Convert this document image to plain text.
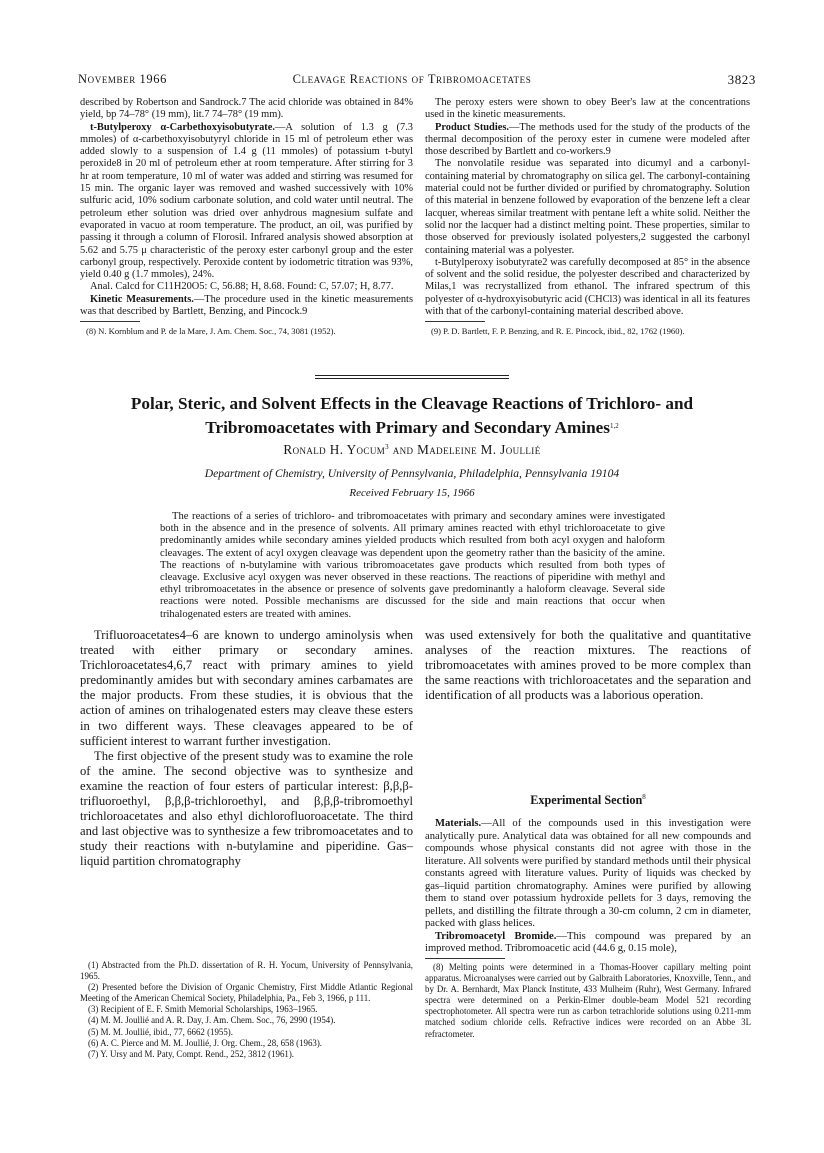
November 1966	Cleavage Reactions of Tribromoacetates	3823

described by Robertson and Sandrock.7 The acid chloride was obtained in 84% yield, bp 74–78° (19 mm), lit.7 74–78° (19 mm).

t-Butylperoxy α-Carbethoxyisobutyrate.—A solution of 1.3 g (7.3 mmoles) of α-carbethoxyisobutyryl chloride in 15 ml of petroleum ether was added slowly to a suspension of 1.4 g (11 mmoles) of potassium t-butyl peroxide8 in 20 ml of petroleum ether at room temperature. After stirring for 3 hr at room temperature, 10 ml of water was added and stirring was resumed for 15 min. The organic layer was removed and washed successively with 10% sulfuric acid, 10% sodium carbonate solution, and cold water until neutral. The petroleum ether solution was dried over anhydrous magnesium sulfate and evaporated in vacuo at room temperature. The product, an oil, was purified by passing it through a column of Florosil. Infrared analysis showed absorption at 5.62 and 5.75 μ characteristic of the peroxy ester carbonyl group and the ester carbonyl group, respectively. Peroxide content by iodometric titration was 93%, yield 0.40 g (1.7 mmoles), 24%.

Anal. Calcd for C11H20O5: C, 56.88; H, 8.68. Found: C, 57.07; H, 8.77.

Kinetic Measurements.—The procedure used in the kinetic measurements was that described by Bartlett, Benzing, and Pincock.9

(8) N. Kornblum and P. de la Mare, J. Am. Chem. Soc., 74, 3081 (1952).

The peroxy esters were shown to obey Beer's law at the concentrations used in the kinetic measurements.

Product Studies.—The methods used for the study of the products of the thermal decomposition of the peroxy ester in cumene were modeled after those described by Bartlett and co-workers.9

The nonvolatile residue was separated into dicumyl and a carbonyl-containing material by chromatography on silica gel. The carbonyl-containing material could not be further divided or purified by chromatography. Solution of this material in benzene followed by evaporation of the benzene left a clear lacquer, whereas similar treatment with pentane left a white solid. Neither the solid nor the lacquer had a distinct melting point. These properties, similar to those observed for previously isolated polyesters,2 suggested the carbonyl containing material was a polyester.

t-Butylperoxy isobutyrate2 was carefully decomposed at 85° in the absence of solvent and the solid residue, the polyester described and characterized by Milas,1 was recrystallized from ethanol. The infrared spectrum of this polyester of α-hydroxyisobutyric acid (CHCl3) was identical in all its features with that of the carbonyl-containing material described above.

(9) P. D. Bartlett, F. P. Benzing, and R. E. Pincock, ibid., 82, 1762 (1960).

Polar, Steric, and Solvent Effects in the Cleavage Reactions of Trichloro- and
Tribromoacetates with Primary and Secondary Amines$^{1,2}$
Ronald H. Yocum$^3$ and Madeleine M. Joullié
Department of Chemistry, University of Pennsylvania, Philadelphia, Pennsylvania 19104
Received February 15, 1966

The reactions of a series of trichloro- and tribromoacetates with primary and secondary amines were investigated both in the absence and in the presence of solvents. All primary amines reacted with ethyl trichloroacetate to give predominantly amides while secondary amines yielded products which resulted from both acyl oxygen and haloform cleavages. The extent of acyl oxygen cleavage was dependent upon the geometry rather than the basicity of the amine. The reactions of n-butylamine with various tribromoacetates gave products which resulted from both types of cleavage. Exclusive acyl oxygen was never observed in these reactions. The reactions of piperidine with methyl and ethyl tribromoacetates in the absence or presence of solvents gave predominantly a haloform cleavage. Several side reactions were noted. Possible mechanisms are discussed for the side and main reactions that occur when trihalogenated esters are treated with amines.

Trifluoroacetates4–6 are known to undergo aminolysis when treated with either primary or secondary amines. Trichloroacetates4,6,7 react with primary amines to yield predominantly amides but with secondary amines carbamates are the major products. From these studies, it is obvious that the action of amines on trihalogenated esters may cleave these esters in two different ways. These cleavages appeared to be of sufficient interest to warrant further investigation.

The first objective of the present study was to examine the role of the amine. The second objective was to synthesize and examine the reaction of four esters of particular interest: β,β,β-trifluoroethyl, β,β,β-trichloroethyl, and β,β,β-tribromoethyl trichloroacetates and also ethyl dichlorofluoroacetate. The third and last objective was to synthesize a few tribromoacetates and to study their reactions with n-butylamine and piperidine. Gas–liquid partition chromatography

was used extensively for both the qualitative and quantitative analyses of the reaction mixtures. The reactions of tribromoacetates with amines proved to be more complex than the same reactions with trichloroacetates and the separation and identification of all products was a laborious operation.

Experimental Section$^8$

Materials.—All of the compounds used in this investigation were analytically pure. Analytical data was obtained for all new compounds and compounds whose physical constants did not agree with those in the literature. All solvents were purified by standard methods until their physical constants agreed with literature values. Purity of liquids was checked by gas–liquid partition chromatography. Amines were purified by allowing them to stand over potassium hydroxide pellets for 3 days, removing the pellets, and distilling the filtrate through a 30-cm column, 2 cm in diameter, packed with glass helices.

Tribromoacetyl Bromide.—This compound was prepared by an improved method. Tribromoacetic acid (44.6 g, 0.15 mole),

(1) Abstracted from the Ph.D. dissertation of R. H. Yocum, University of Pennsylvania, 1965.

(2) Presented before the Division of Organic Chemistry, First Middle Atlantic Regional Meeting of the American Chemical Society, Philadelphia, Pa., Feb 3, 1966, p 111.

(3) Recipient of E. F. Smith Memorial Scholarships, 1963–1965.

(4) M. M. Joullié and A. R. Day, J. Am. Chem. Soc., 76, 2990 (1954).

(5) M. M. Joullié, ibid., 77, 6662 (1955).

(6) A. C. Pierce and M. M. Joullié, J. Org. Chem., 28, 658 (1963).

(7) Y. Ursy and M. Paty, Compt. Rend., 252, 3812 (1961).

(8) Melting points were determined in a Thomas-Hoover capillary melting point apparatus. Microanalyses were carried out by Galbraith Laboratories, Knoxville, Tenn., and by Dr. A. Bernhardt, Max Planck Institute, 433 Mulheim (Ruhr), West Germany. Infrared spectra were determined on a Perkin-Elmer double-beam Model 521 recording spectrophotometer. All spectra were run as carbon tetrachloride solutions using 0.211-mm matched sodium chloride cells. Refractive indices were recorded on an Abbe 3L refractometer.
